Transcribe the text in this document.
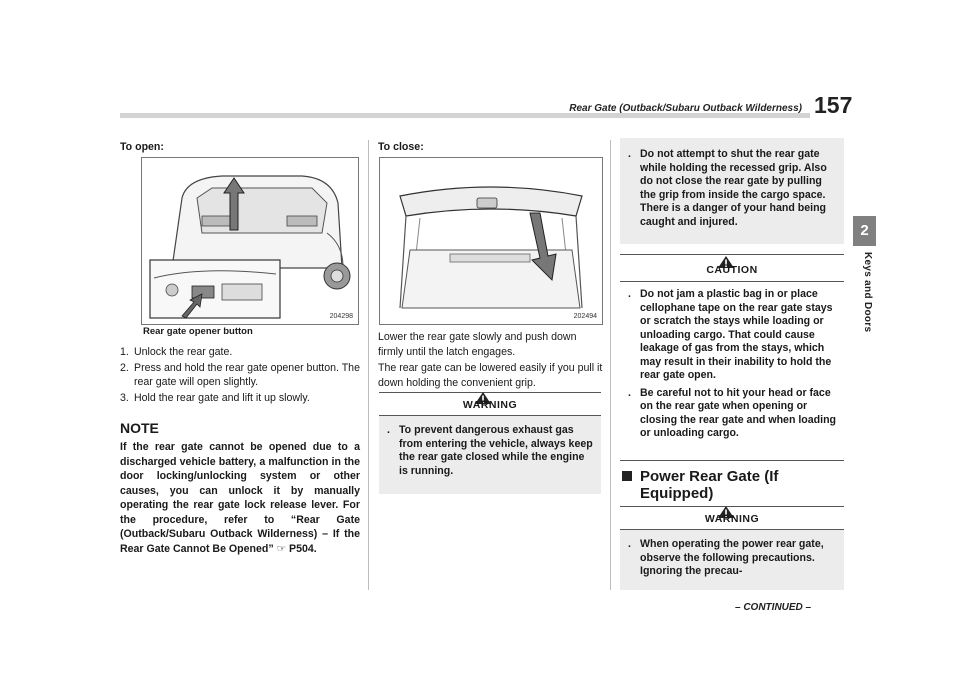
Rear Gate (Outback/Subaru Outback Wilderness) 157
2
Keys and Doors
To open:
204298
Rear gate opener button
1. Unlock the rear gate.
2. Press and hold the rear gate opener button. The rear gate will open slightly.
3. Hold the rear gate and lift it up slowly.
NOTE
If the rear gate cannot be opened due to a discharged vehicle battery, a malfunction in the door locking/unlocking system or other causes, you can unlock it by manually operating the rear gate lock release lever. For the procedure, refer to “Rear Gate (Outback/Subaru Outback Wilderness) – If the Rear Gate Cannot Be Opened” ☞ P504.
To close:
202494
Lower the rear gate slowly and push down firmly until the latch engages.
The rear gate can be lowered easily if you pull it down holding the convenient grip.
WARNING
. To prevent dangerous exhaust gas from entering the vehicle, always keep the rear gate closed while the engine is running.
. Do not attempt to shut the rear gate while holding the recessed grip. Also do not close the rear gate by pulling the grip from inside the cargo space. There is a danger of your hand being caught and injured.
CAUTION
. Do not jam a plastic bag in or place cellophane tape on the rear gate stays or scratch the stays while loading or unloading cargo. That could cause leakage of gas from the stays, which may result in their inability to hold the rear gate open.
. Be careful not to hit your head or face on the rear gate when opening or closing the rear gate and when loading or unloading cargo.
Power Rear Gate (If Equipped)
WARNING
. When operating the power rear gate, observe the following precautions. Ignoring the precau-
– CONTINUED –
